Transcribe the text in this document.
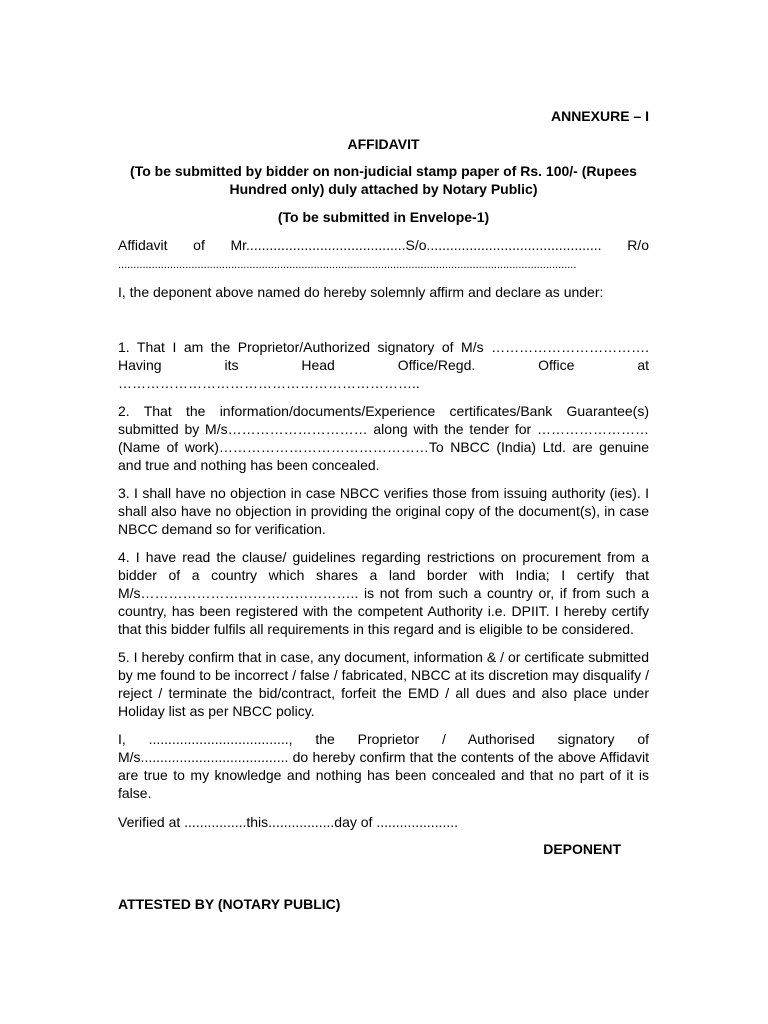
ANNEXURE – I

AFFIDAVIT

(To be submitted by bidder on non-judicial stamp paper of Rs. 100/- (Rupees Hundred only) duly attached by Notary Public)

(To be submitted in Envelope-1)

Affidavit of Mr.........................................S/o............................................. R/o

......................................................................................................................................................

I, the deponent above named do hereby solemnly affirm and declare as under:

1. That I am the Proprietor/Authorized signatory of M/s ……………………………. Having its Head Office/Regd. Office at ………………………………………………………..

2. That the information/documents/Experience certificates/Bank Guarantee(s) submitted by M/s………………………… along with the tender for …………………… (Name of work)………………………………………To NBCC (India) Ltd. are genuine and true and nothing has been concealed.

3. I shall have no objection in case NBCC verifies those from issuing authority (ies). I shall also have no objection in providing the original copy of the document(s), in case NBCC demand so for verification.

4. I have read the clause/ guidelines regarding restrictions on procurement from a bidder of a country which shares a land border with India; I certify that M/s……………………………………….. is not from such a country or, if from such a country, has been registered with the competent Authority i.e. DPIIT. I hereby certify that this bidder fulfils all requirements in this regard and is eligible to be considered.

5. I hereby confirm that in case, any document, information & / or certificate submitted by me found to be incorrect / false / fabricated, NBCC at its discretion may disqualify / reject / terminate the bid/contract, forfeit the EMD / all dues and also place under Holiday list as per NBCC policy.

I, ...................................., the Proprietor / Authorised signatory of M/s...................................... do hereby confirm that the contents of the above Affidavit are true to my knowledge and nothing has been concealed and that no part of it is false.

Verified at ................this.................day of .....................

DEPONENT

ATTESTED BY (NOTARY PUBLIC)
